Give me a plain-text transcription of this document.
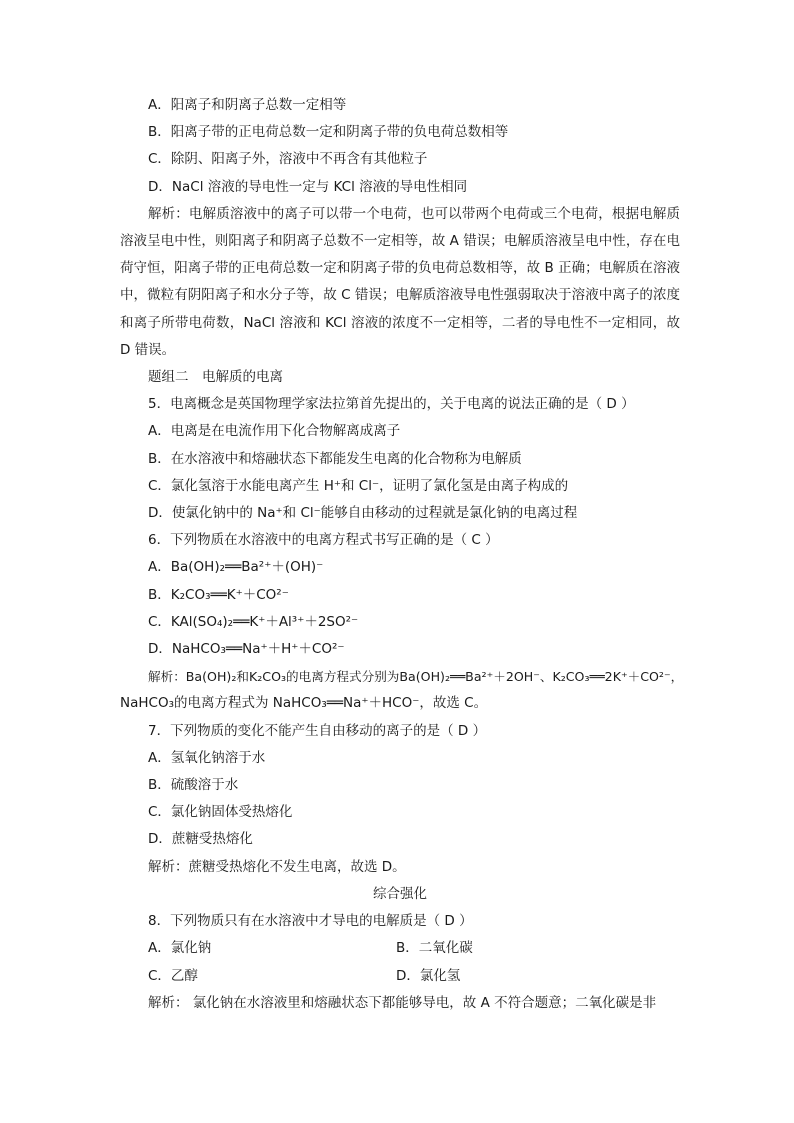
A．阳离子和阴离子总数一定相等
B．阳离子带的正电荷总数一定和阴离子带的负电荷总数相等
C．除阴、阳离子外，溶液中不再含有其他粒子
D．NaCl 溶液的导电性一定与 KCl 溶液的导电性相同
解析：电解质溶液中的离子可以带一个电荷，也可以带两个电荷或三个电荷，根据电解质溶液呈电中性，则阳离子和阴离子总数不一定相等，故 A 错误；电解质溶液呈电中性，存在电荷守恒，阳离子带的正电荷总数一定和阴离子带的负电荷总数相等，故 B 正确；电解质在溶液中，微粒有阴阳离子和水分子等，故 C 错误；电解质溶液导电性强弱取决于溶液中离子的浓度和离子所带电荷数，NaCl 溶液和 KCl 溶液的浓度不一定相等，二者的导电性不一定相同，故 D 错误。
题组二　电解质的电离
5．电离概念是英国物理学家法拉第首先提出的，关于电离的说法正确的是（ D ）
A．电离是在电流作用下化合物解离成离子
B．在水溶液中和熔融状态下都能发生电离的化合物称为电解质
C．氯化氢溶于水能电离产生 H⁺和 Cl⁻，证明了氯化氢是由离子构成的
D．使氯化钠中的 Na⁺和 Cl⁻能够自由移动的过程就是氯化钠的电离过程
6．下列物质在水溶液中的电离方程式书写正确的是（ C ）
A．Ba(OH)₂══Ba²⁺＋(OH)⁻
B．K₂CO₃══K⁺＋CO²⁻
C．KAl(SO₄)₂══K⁺＋Al³⁺＋2SO²⁻
D．NaHCO₃══Na⁺＋H⁺＋CO²⁻
解析：Ba(OH)₂和K₂CO₃的电离方程式分别为Ba(OH)₂══Ba²⁺＋2OH⁻、K₂CO₃══2K⁺＋CO²⁻，
NaHCO₃的电离方程式为 NaHCO₃══Na⁺＋HCO⁻，故选 C。
7．下列物质的变化不能产生自由移动的离子的是（ D ）
A．氢氧化钠溶于水
B．硫酸溶于水
C．氯化钠固体受热熔化
D．蔗糖受热熔化
解析：蔗糖受热熔化不发生电离，故选 D。
综合强化
8．下列物质只有在水溶液中才导电的电解质是（ D ）
A．氯化钠	B．二氧化碳
C．乙醇	D．氯化氢
解析： 氯化钠在水溶液里和熔融状态下都能够导电，故 A 不符合题意；二氧化碳是非
